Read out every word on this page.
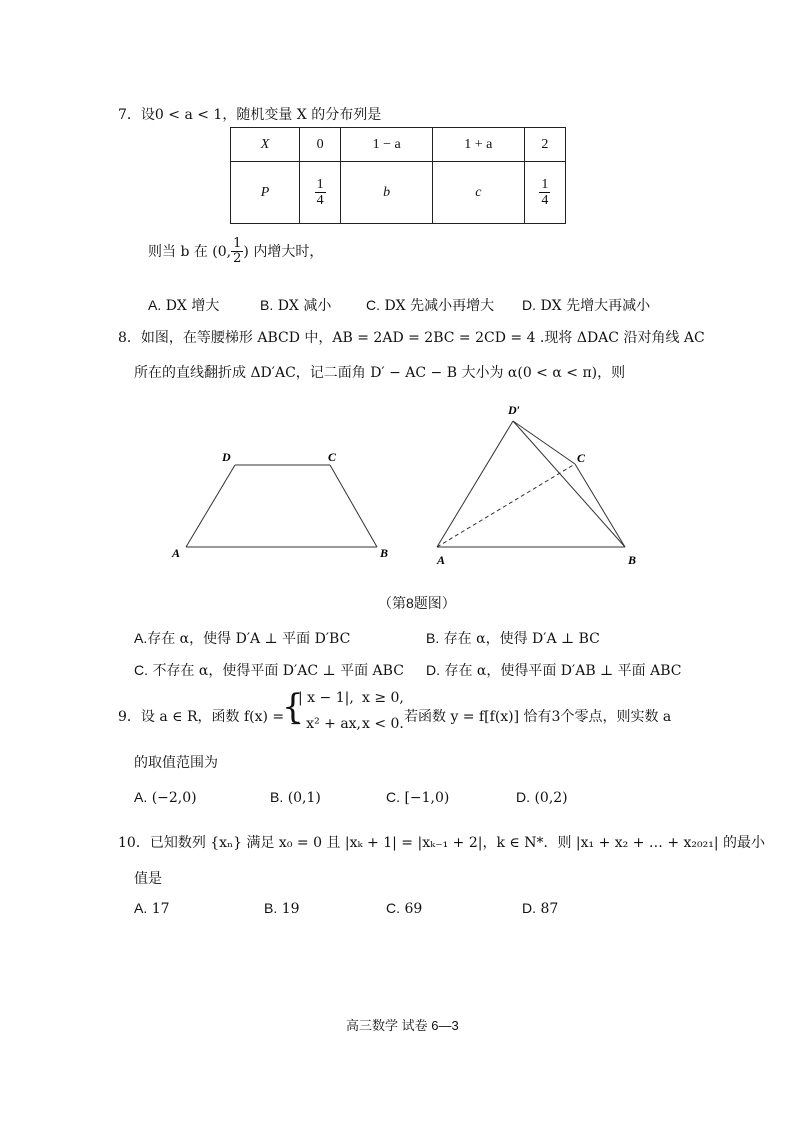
7．设0 < a < 1，随机变量 X 的分布列是
X	0	1 − a	1 + a	2
P	$\frac{1}{4}$	b	c	$\frac{1}{4}$
则当 b 在 (0, $\frac{1}{2}$ ) 内增大时，
A. DX 增大	B. DX 减小 C. DX 先减小再增大 D. DX 先增大再减小
8．如图，在等腰梯形 ABCD 中，AB = 2AD = 2BC = 2CD = 4 .现将 ΔDAC 沿对角线 AC
所在的直线翻折成 ΔD′AC，记二面角 D′ − AC − B 大小为 α(0 < α < π)，则
D	C
A	B
D′
C
A	B
（第8题图）
A.存在 α，使得 D′A ⊥ 平面 D′BC	B. 存在 α，使得 D′A ⊥ BC
C. 不存在 α，使得平面 D′AC ⊥ 平面 ABC D. 存在 α，使得平面 D′AB ⊥ 平面 ABC
9．设 a ∈ R，函数 f(x) =
{
| x − 1|, x ≥ 0,
− x² + ax, x < 0. 若函数 y = f[f(x)] 恰有3个零点，则实数 a
的取值范围为
A. (−2,0)	B. (0,1)	C. [−1,0)	D. (0,2)
10．已知数列 {xₙ} 满足 x₀ = 0 且 |xₖ + 1| = |xₖ₋₁ + 2|，k ∈ N*．则 |x₁ + x₂ + … + x₂₀₂₁| 的最小
值是
A. 17	B. 19	C. 69	D. 87
高三数学 试卷 6—3
